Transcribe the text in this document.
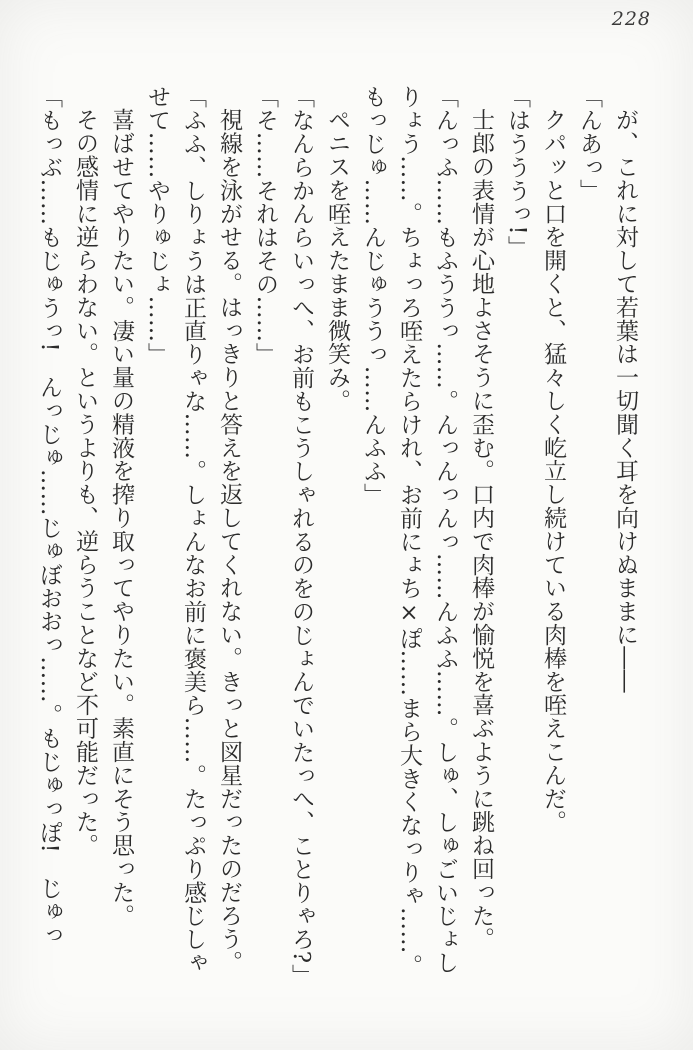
228

が、これに対して若葉は一切聞く耳を向けぬままに――

「んあっ」

クパッと口を開くと、猛々しく屹立し続けている肉棒を咥えこんだ。

「はうううっ!」

士郎の表情が心地よさそうに歪む。口内で肉棒が愉悦を喜ぶように跳ね回った。

「んっふ……もふううっ……。んっんっんっ……んふふ……。しゅ、しゅごいじょしりょう……。ちょっろ咥えたらけれ、お前にょち×ぽ……まら大きくなっりゃ……。もっじゅ……んじゅううっ……んふふ」

ペニスを咥えたまま微笑み。

「なんらかんらいっへ、お前もこうしゃれるのをのじょんでいたっへ、ことりゃろ?」

「そ……それはその……」

視線を泳がせる。はっきりと答えを返してくれない。きっと図星だったのだろう。

「ふふ、しりょうは正直りゃな……。しょんなお前に褒美ら……。たっぷり感じしゃせて……やりゅじょ……」

喜ばせてやりたい。凄い量の精液を搾り取ってやりたい。素直にそう思った。

その感情に逆らわない。というよりも、逆らうことなど不可能だった。

「もっぶ……もじゅうっ!　んっじゅ……じゅぼおおっ……。もじゅっぽ!　じゅっ
